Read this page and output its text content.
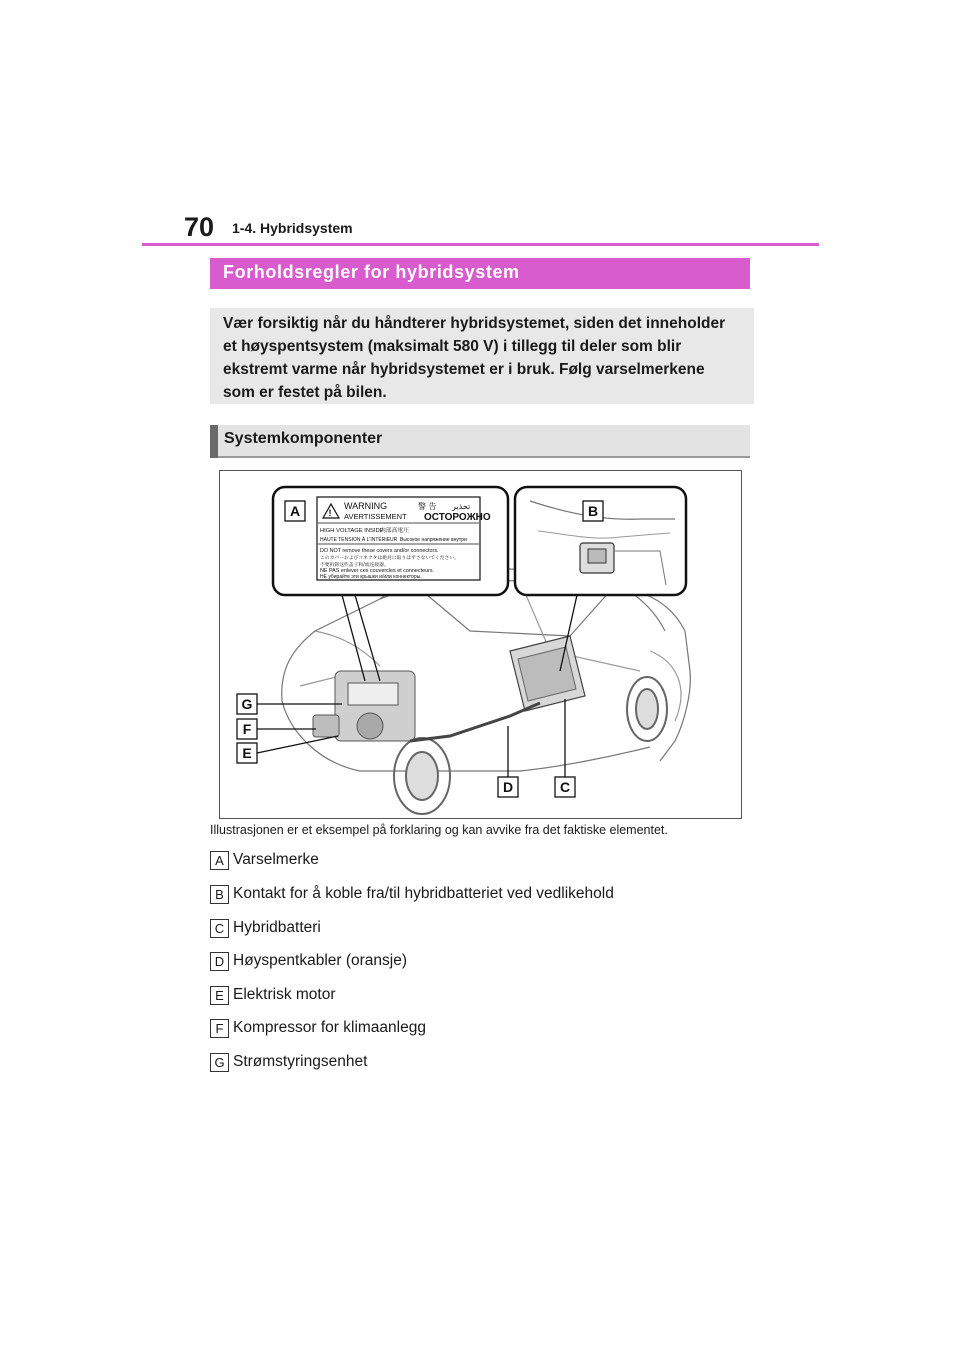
70 1-4. Hybridsystem
Forholdsregler for hybridsystem

Vær forsiktig når du håndterer hybridsystemet, siden det inneholder
et høyspentsystem (maksimalt 580 V) i tillegg til deler som blir
ekstremt varme når hybridsystemet er i bruk. Følg varselmerkene
som er festet på bilen.

Systemkomponenter
!
WARNING	警 告 تحذير
AVERTISSEMENT ОСТОРОЖНО
HIGH VOLTAGE INSIDE
内部高電圧
HAUTE TENSION À L'INTÉRIEUR Высокое напряжение внутри
DO NOT remove these covers and/or connectors.
このカバーおよびコネクタは絶対に取りはずさないでください。
不要拆卸这些盖子和/或连接器。
NE PAS enlever ces couvercles et connecteurs.
НЕ убирайте эти крышки и/или коннекторы.
A	B
C
D
E
F
G
Illustrasjonen er et eksempel på forklaring og kan avvike fra det faktiske elementet.
A Varselmerke
B Kontakt for å koble fra/til hybridbatteriet ved vedlikehold
C Hybridbatteri
D Høyspentkabler (oransje)
E Elektrisk motor
F Kompressor for klimaanlegg
G Strømstyringsenhet
